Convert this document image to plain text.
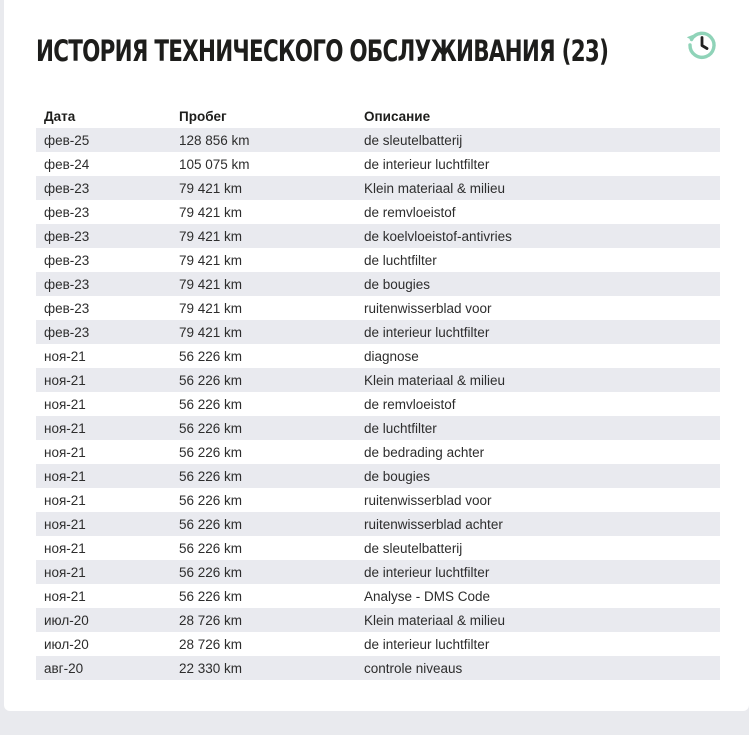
ИСТОРИЯ ТЕХНИЧЕСКОГО ОБСЛУЖИВАНИЯ (23)
Дата	Пробег	Описание
фев-25	128 856 km	de sleutelbatterij
фев-24	105 075 km	de interieur luchtfilter
фев-23	79 421 km	Klein materiaal & milieu
фев-23	79 421 km	de remvloeistof
фев-23	79 421 km	de koelvloeistof-antivries
фев-23	79 421 km	de luchtfilter
фев-23	79 421 km	de bougies
фев-23	79 421 km	ruitenwisserblad voor
фев-23	79 421 km	de interieur luchtfilter
ноя-21	56 226 km	diagnose
ноя-21	56 226 km	Klein materiaal & milieu
ноя-21	56 226 km	de remvloeistof
ноя-21	56 226 km	de luchtfilter
ноя-21	56 226 km	de bedrading achter
ноя-21	56 226 km	de bougies
ноя-21	56 226 km	ruitenwisserblad voor
ноя-21	56 226 km	ruitenwisserblad achter
ноя-21	56 226 km	de sleutelbatterij
ноя-21	56 226 km	de interieur luchtfilter
ноя-21	56 226 km	Analyse - DMS Code
июл-20	28 726 km	Klein materiaal & milieu
июл-20	28 726 km	de interieur luchtfilter
авг-20	22 330 km	controle niveaus
